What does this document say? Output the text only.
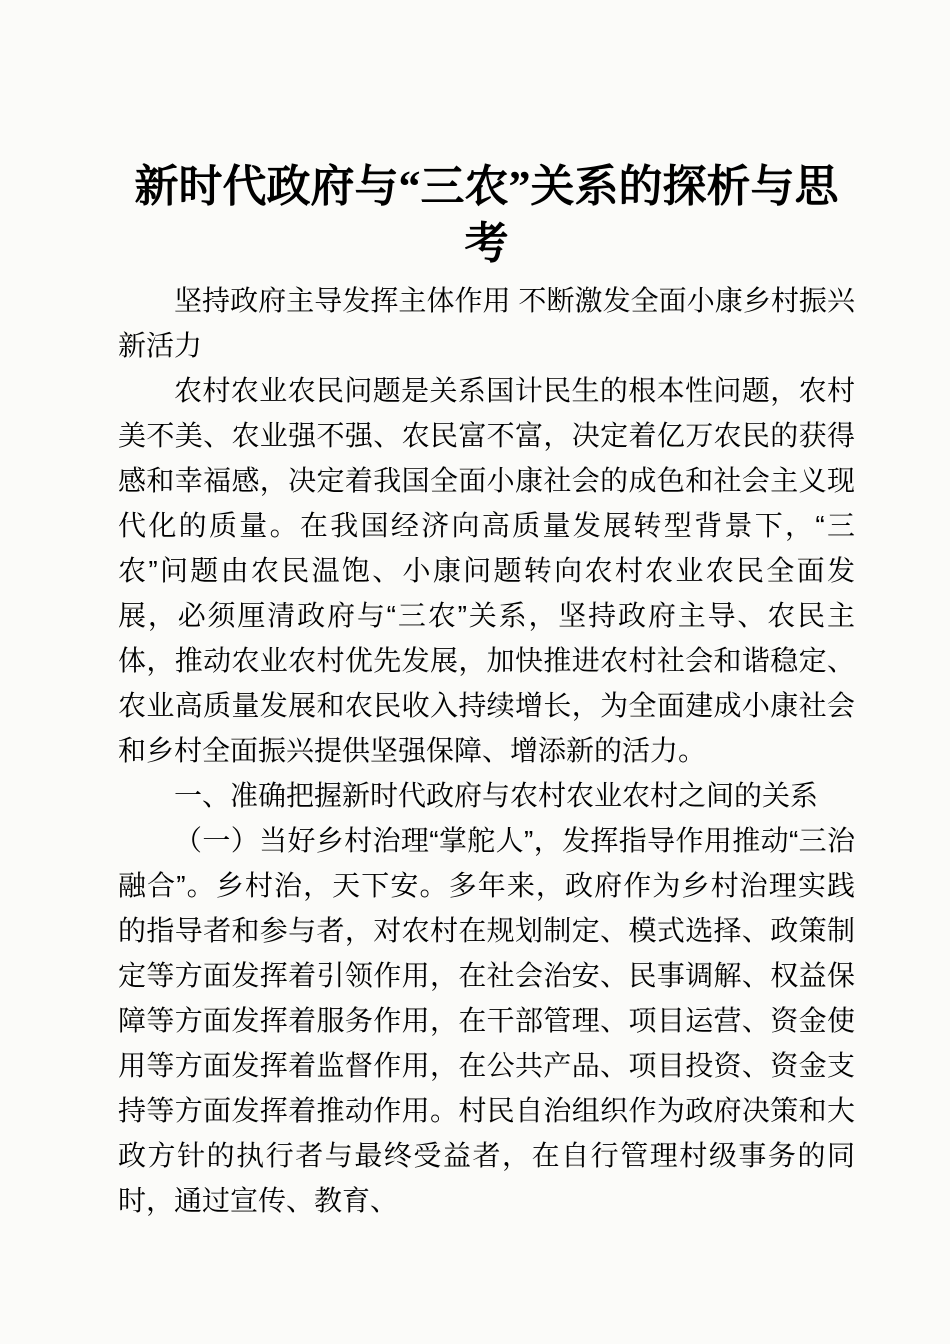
新时代政府与“三农”关系的探析与思考

坚持政府主导发挥主体作用 不断激发全面小康乡村振兴新活力

农村农业农民问题是关系国计民生的根本性问题，农村美不美、农业强不强、农民富不富，决定着亿万农民的获得感和幸福感，决定着我国全面小康社会的成色和社会主义现代化的质量。在我国经济向高质量发展转型背景下，“三农”问题由农民温饱、小康问题转向农村农业农民全面发展，必须厘清政府与“三农”关系，坚持政府主导、农民主体，推动农业农村优先发展，加快推进农村社会和谐稳定、农业高质量发展和农民收入持续增长，为全面建成小康社会和乡村全面振兴提供坚强保障、增添新的活力。

一、准确把握新时代政府与农村农业农村之间的关系

（一）当好乡村治理“掌舵人”，发挥指导作用推动“三治融合”。乡村治，天下安。多年来，政府作为乡村治理实践的指导者和参与者，对农村在规划制定、模式选择、政策制定等方面发挥着引领作用，在社会治安、民事调解、权益保障等方面发挥着服务作用，在干部管理、项目运营、资金使用等方面发挥着监督作用，在公共产品、项目投资、资金支持等方面发挥着推动作用。村民自治组织作为政府决策和大政方针的执行者与最终受益者，在自行管理村级事务的同时，通过宣传、教育、
